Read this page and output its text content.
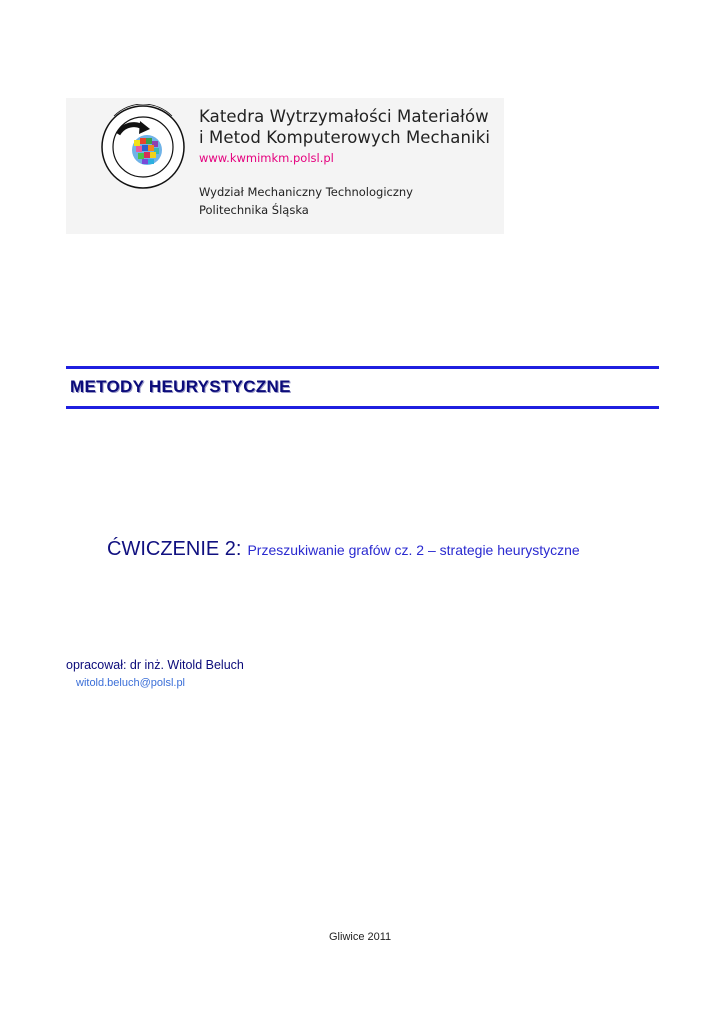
Katedra Wytrzymałości Materiałów
i Metod Komputerowych Mechaniki
www.kwmimkm.polsl.pl
Wydział Mechaniczny Technologiczny
Politechnika Śląska
METODY HEURYSTYCZNE
ĆWICZENIE 2: Przeszukiwanie grafów cz. 2 – strategie heurystyczne
opracował: dr inż. Witold Beluch
witold.beluch@polsl.pl
Gliwice 2011
